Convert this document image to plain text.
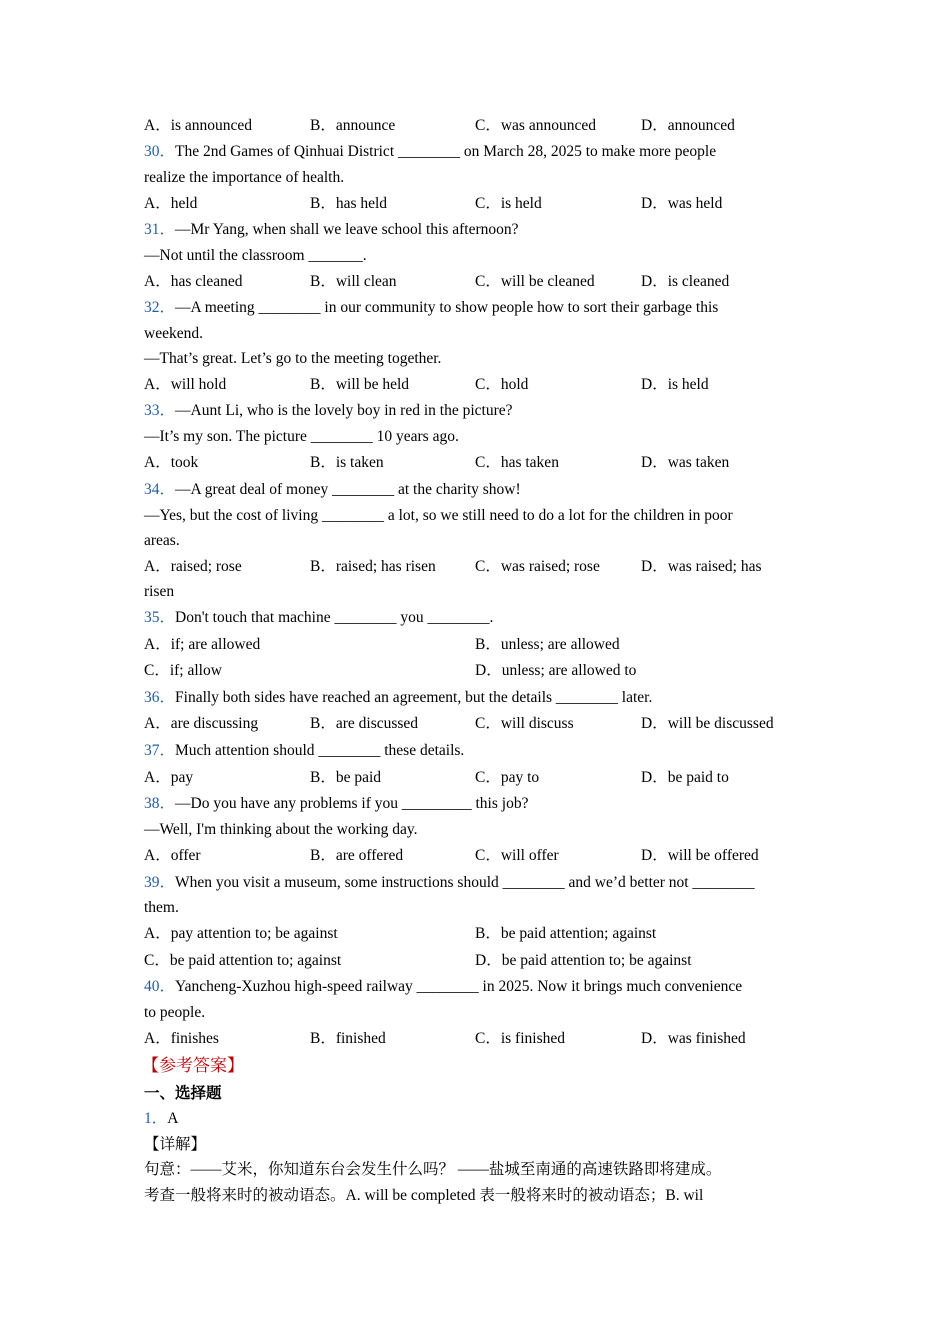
A．is announced	B．announce	C．was announced	D．announced
30．The 2nd Games of Qinhuai District ________ on March 28, 2025 to make more people
realize the importance of health.
A．held	B．has held	C．is held	D．was held
31．—Mr Yang, when shall we leave school this afternoon?
—Not until the classroom _______.
A．has cleaned	B．will clean	C．will be cleaned	D．is cleaned
32．—A meeting ________ in our community to show people how to sort their garbage this
weekend.
—That’s great. Let’s go to the meeting together.
A．will hold	B．will be held	C．hold	D．is held
33．—Aunt Li, who is the lovely boy in red in the picture?
—It’s my son. The picture ________ 10 years ago.
A．took	B．is taken	C．has taken	D．was taken
34．—A great deal of money ________ at the charity show!
—Yes, but the cost of living ________ a lot, so we still need to do a lot for the children in poor
areas.
A．raised; rose	B．raised; has risen	C．was raised; rose	D．was raised; has
risen
35．Don't touch that machine ________ you ________.
A．if; are allowed	B．unless; are allowed
C．if; allow	D．unless; are allowed to
36．Finally both sides have reached an agreement, but the details ________ later.
A．are discussing	B．are discussed	C．will discuss	D．will be discussed
37．Much attention should ________ these details.
A．pay	B．be paid	C．pay to	D．be paid to
38．—Do you have any problems if you _________ this job?
—Well, I'm thinking about the working day.
A．offer	B．are offered	C．will offer	D．will be offered
39．When you visit a museum, some instructions should ________ and we’d better not ________
them.
A．pay attention to; be against	B．be paid attention; against
C．be paid attention to; against	D．be paid attention to; be against
40．Yancheng-Xuzhou high-speed railway ________ in 2025. Now it brings much convenience
to people.
A．finishes	B．finished	C．is finished	D．was finished
【参考答案】
一、选择题
1．A
【详解】
句意：——艾米，你知道东台会发生什么吗？ ——盐城至南通的高速铁路即将建成。
考查一般将来时的被动语态。A. will be completed 表一般将来时的被动语态；B. wil
